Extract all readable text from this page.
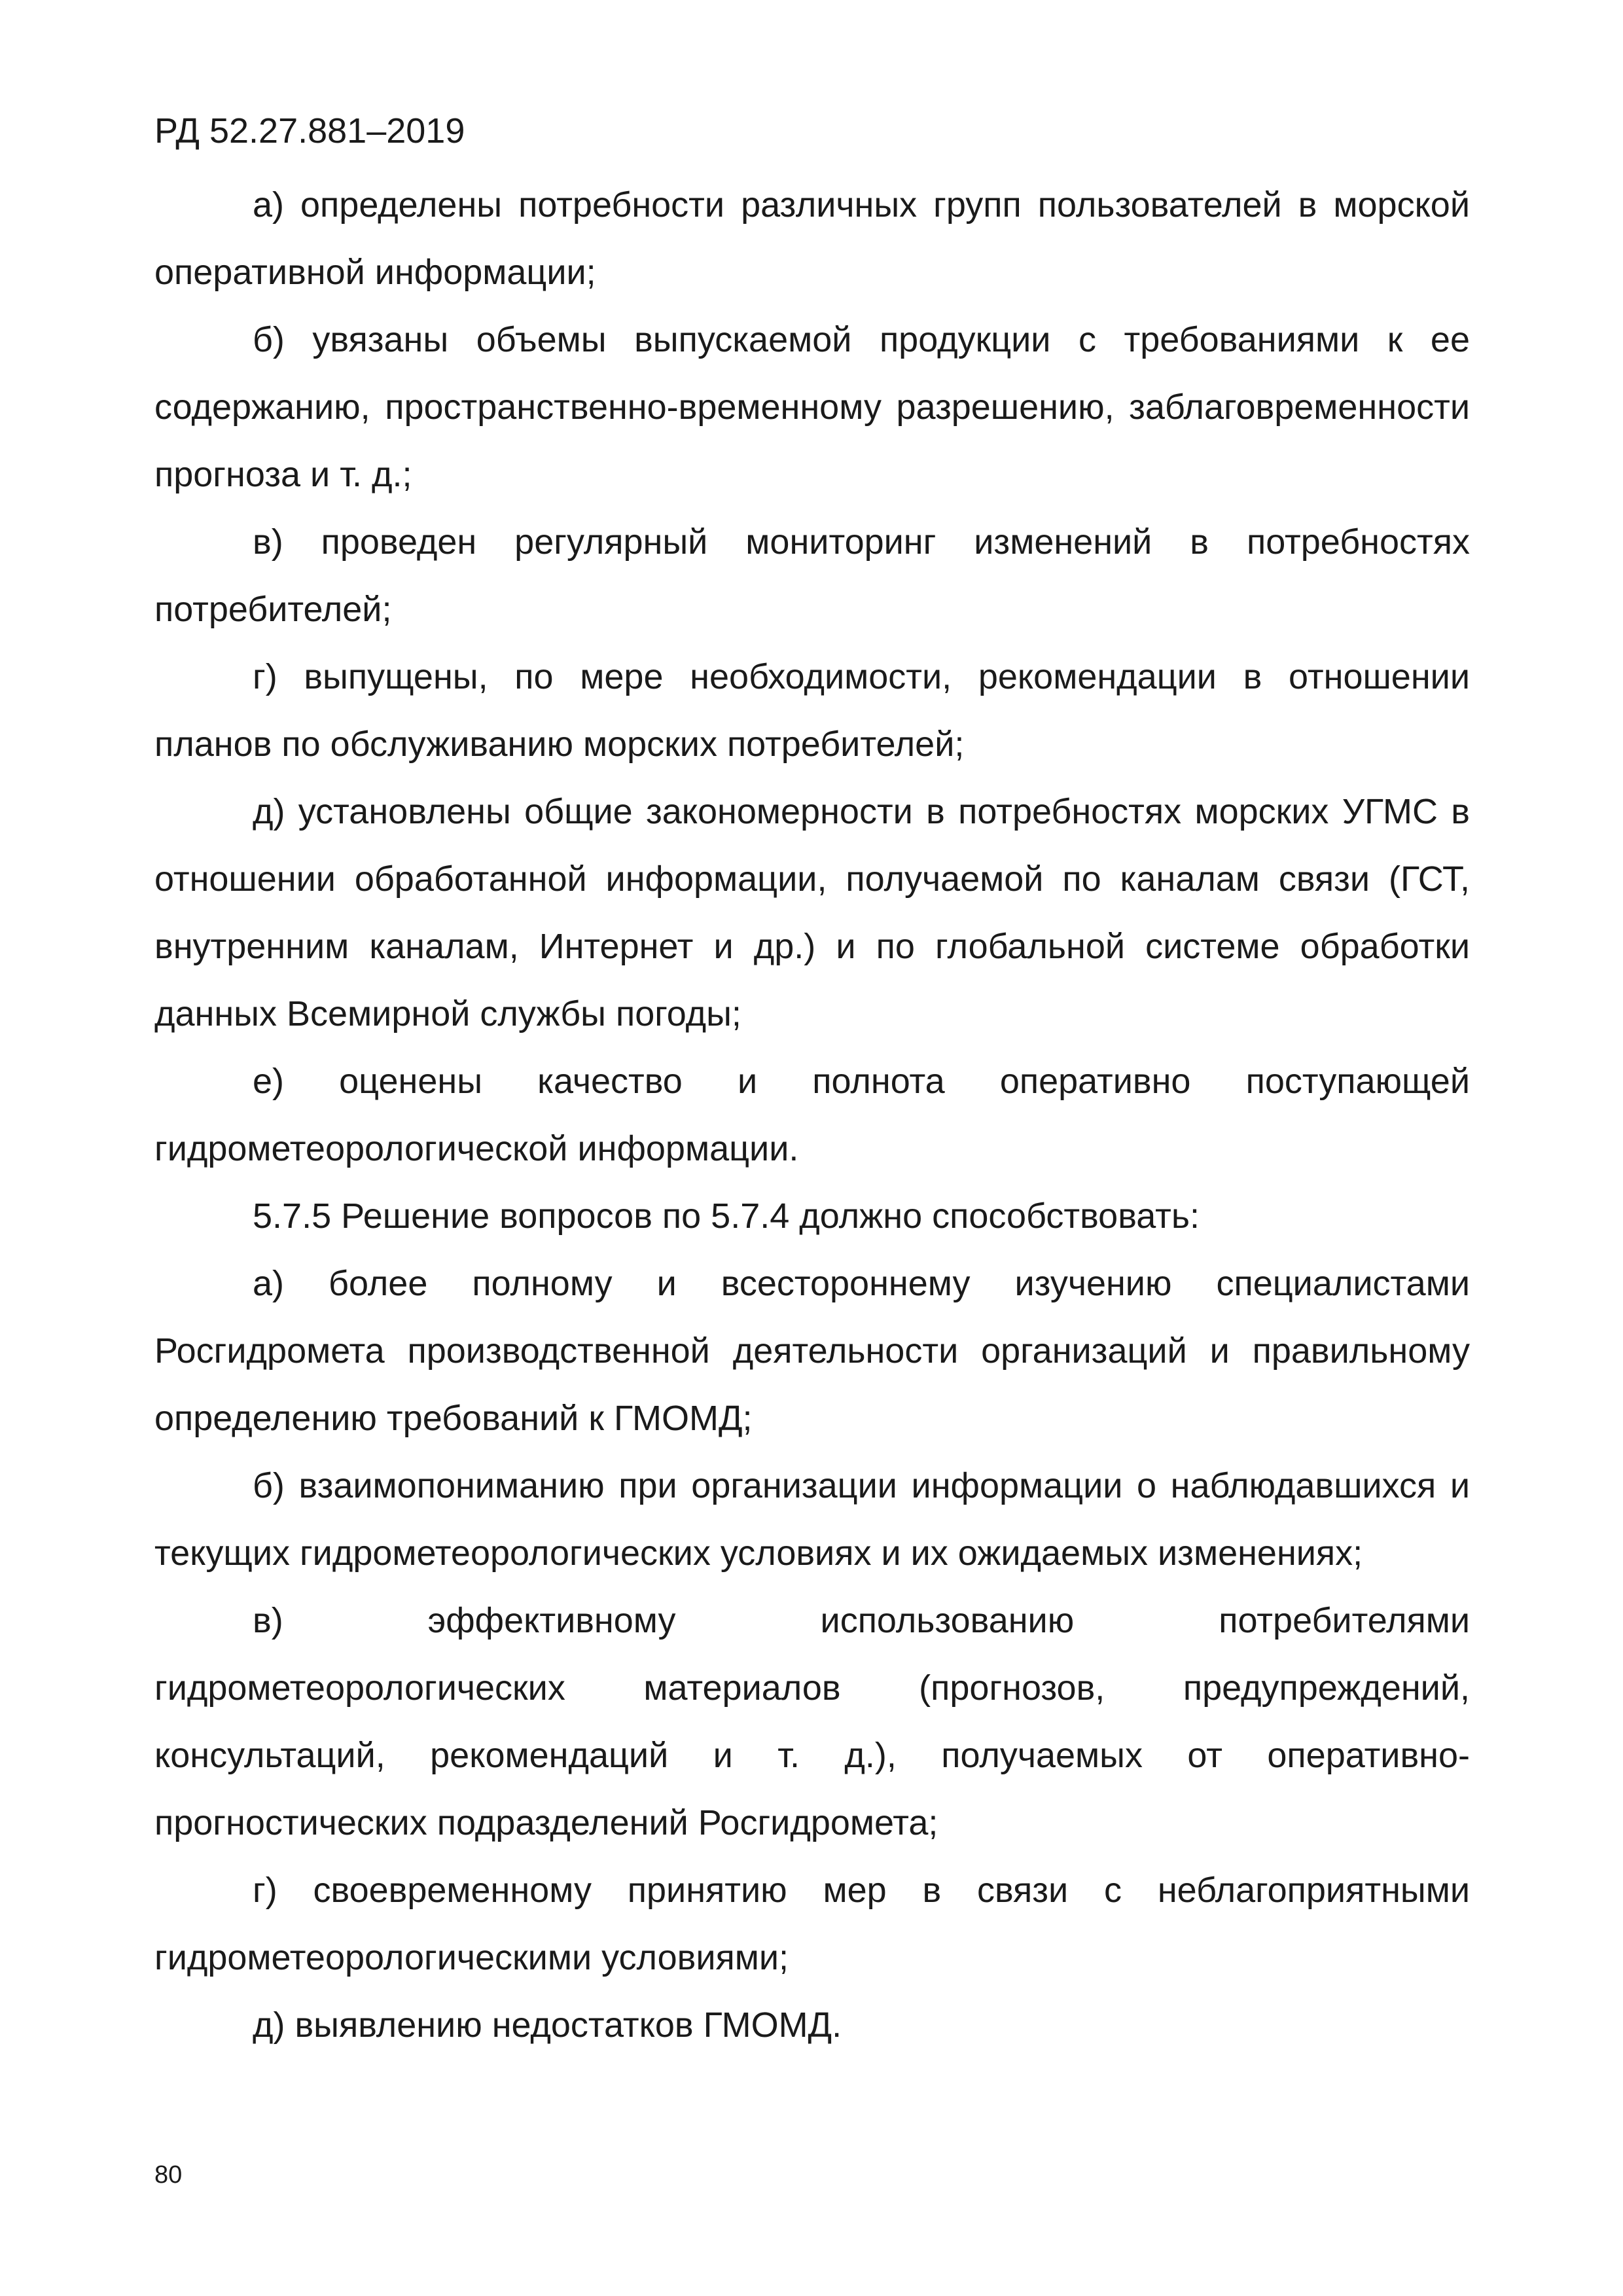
РД 52.27.881–2019

а) определены потребности различных групп пользователей в морской оперативной информации;

б) увязаны объемы выпускаемой продукции с требованиями к ее содержанию, пространственно-временному разрешению, заблаговременности прогноза и т. д.;

в) проведен регулярный мониторинг изменений в потребностях потребителей;

г) выпущены, по мере необходимости, рекомендации в отношении планов по обслуживанию морских потребителей;

д) установлены общие закономерности в потребностях морских УГМС в отношении обработанной информации, получаемой по каналам связи (ГСТ, внутренним каналам, Интернет и др.) и по глобальной системе обработки данных Всемирной службы погоды;

е) оценены качество и полнота оперативно поступающей гидрометеорологической информации.

5.7.5 Решение вопросов по 5.7.4 должно способствовать:

а) более полному и всестороннему изучению специалистами Росгидромета производственной деятельности организаций и правильному определению требований к ГМОМД;

б) взаимопониманию при организации информации о наблюдавшихся и текущих гидрометеорологических условиях и их ожидаемых изменениях;

в) эффективному использованию потребителями гидрометеорологических материалов (прогнозов, предупреждений, консультаций, рекомендаций и т. д.), получаемых от оперативно-прогностических подразделений Росгидромета;

г) своевременному принятию мер в связи с неблагоприятными гидрометеорологическими условиями;

д) выявлению недостатков ГМОМД.

80
